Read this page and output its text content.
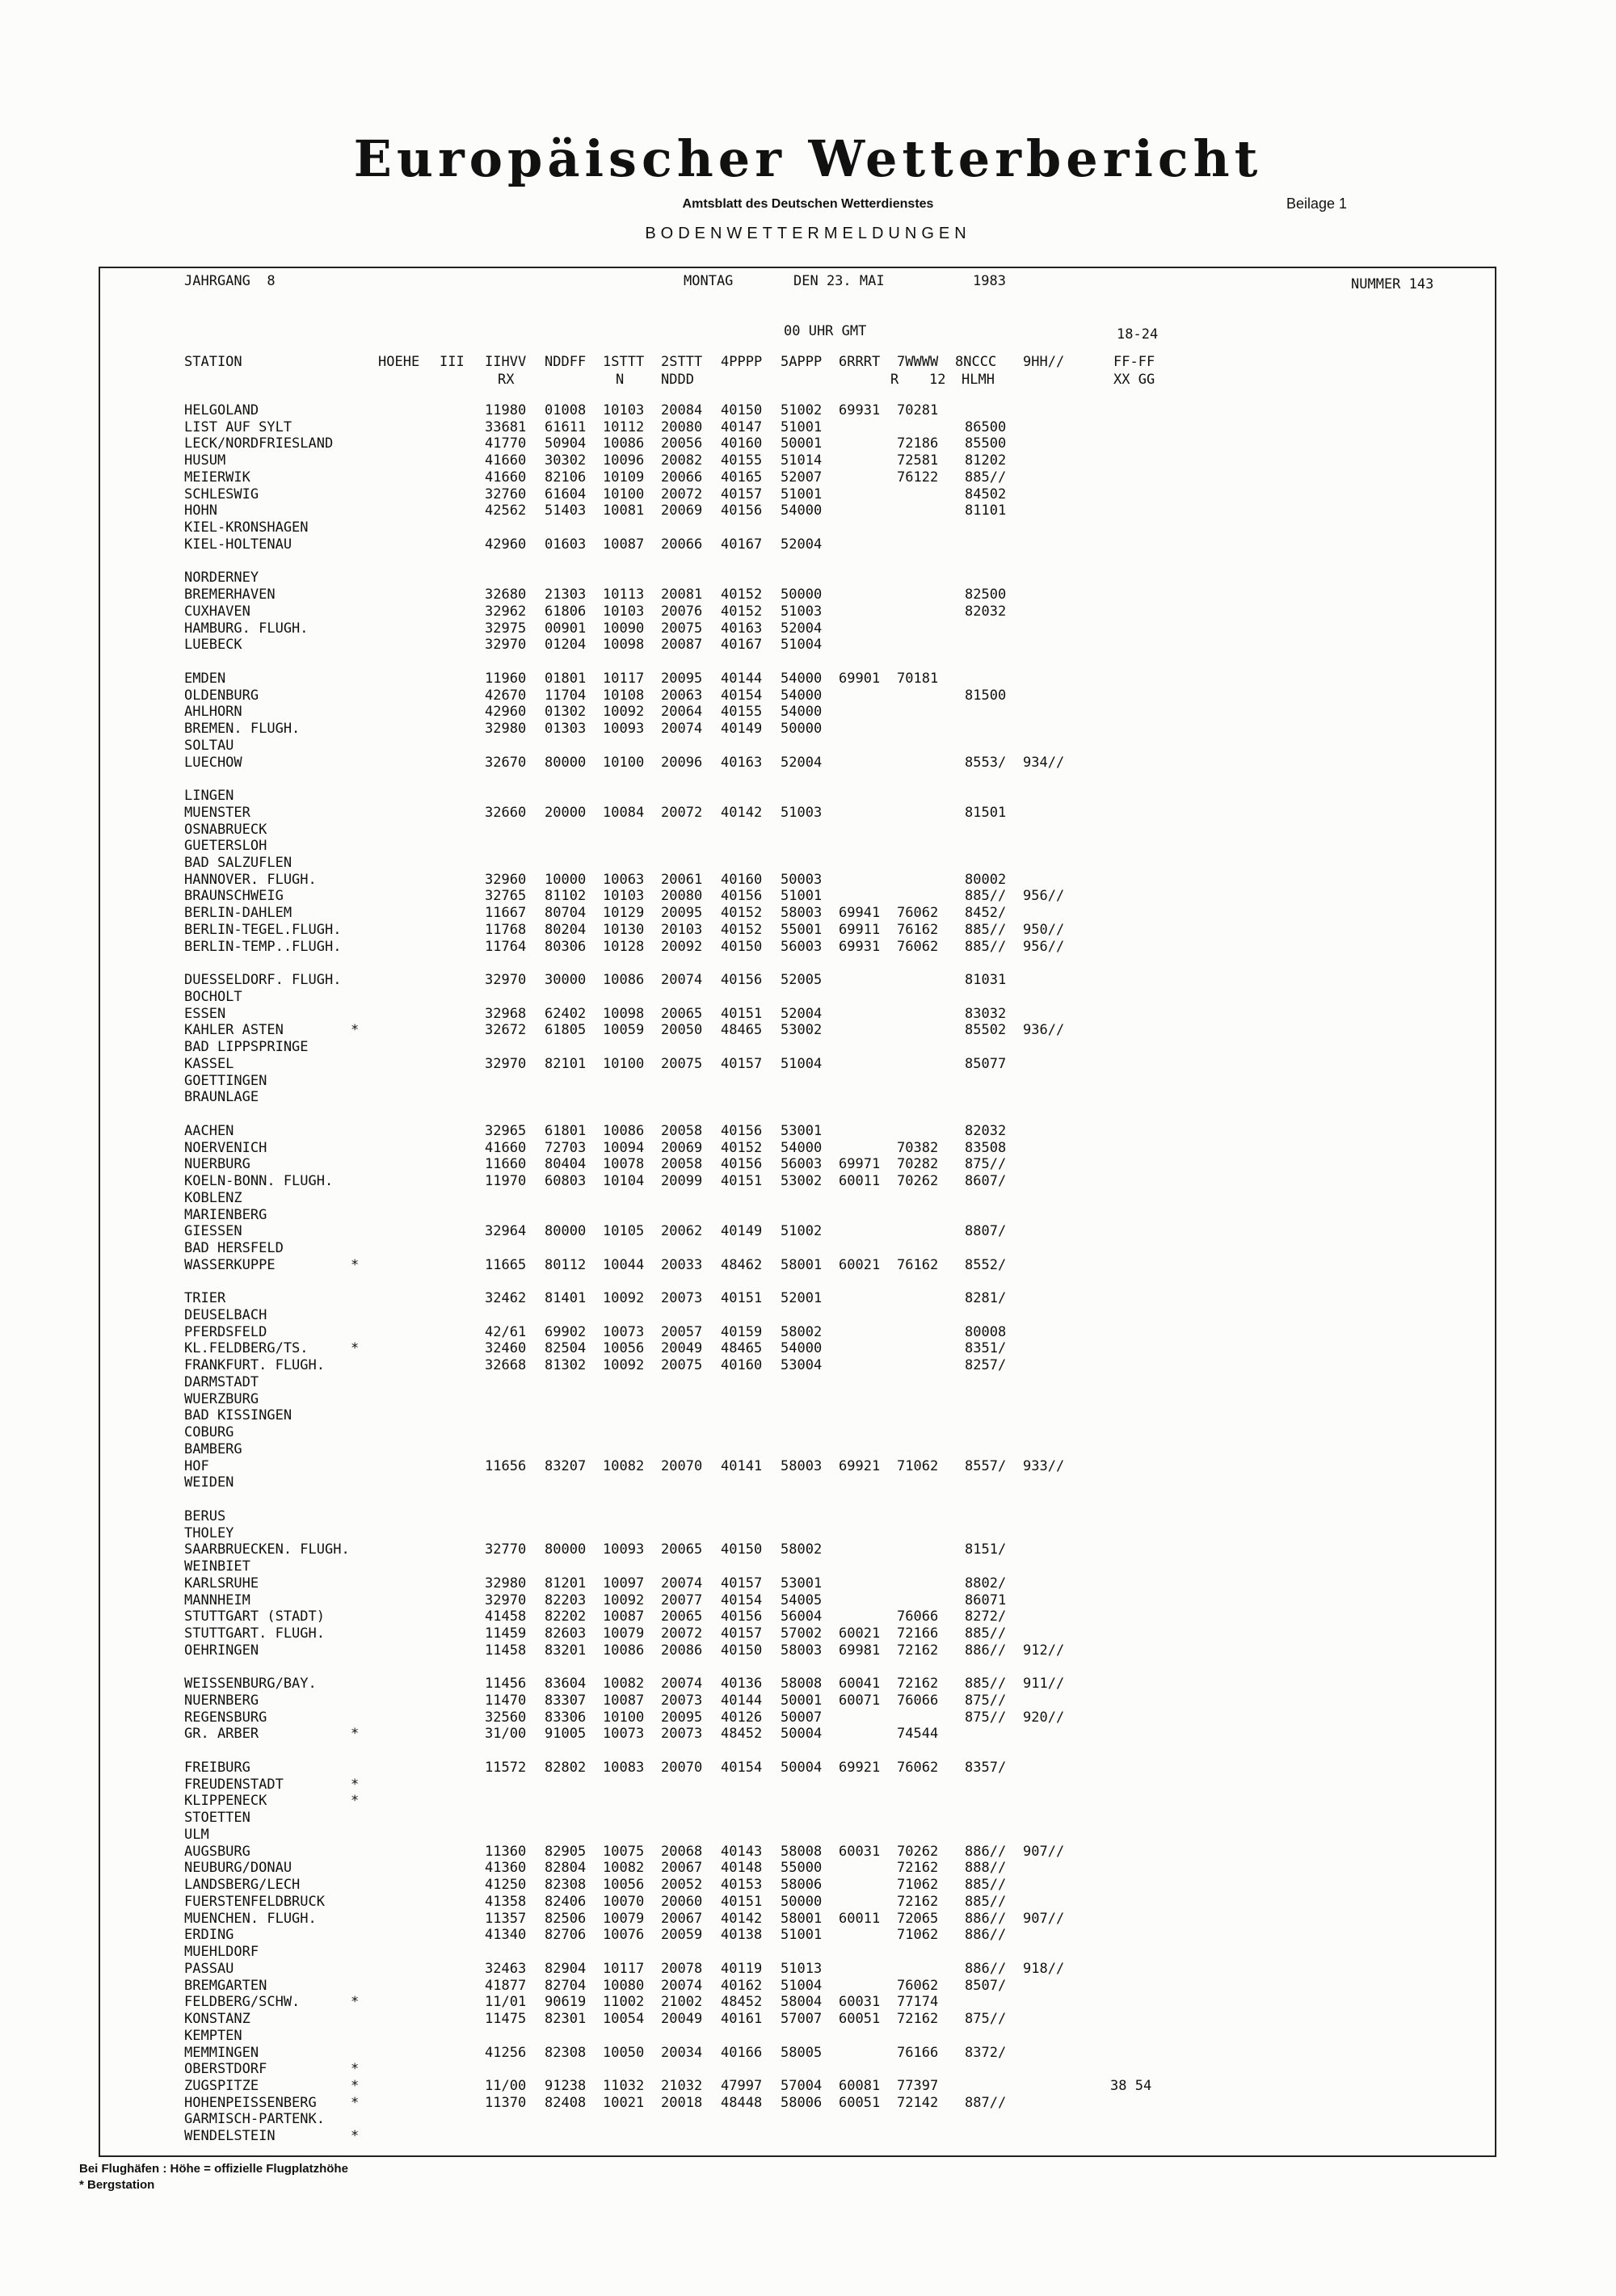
Europäischer Wetterbericht
Amtsblatt des Deutschen Wetterdienstes	Beilage 1
BODENWETTERMELDUNGEN
JAHRGANG  8	MONTAG	DEN 23. MAI	1983	NUMMER 143
00 UHR GMT	18-24
STATION	HOEHE III IIHVV NDDFF 1STTT 2STTT 4PPPP 5APPP 6RRRT 7WWWW 8NCCC 9HH//	FF-FF
RX	N	NDDD	R 12 HLMH	XX GG
HELGOLAND	11980 01008 10103 20084 40150 51002 69931 70281
LIST AUF SYLT	33681 61611 10112 20080 40147 51001	86500
LECK/NORDFRIESLAND	41770 50904 10086 20056 40160 50001	72186 85500
HUSUM	41660 30302 10096 20082 40155 51014	72581 81202
MEIERWIK	41660 82106 10109 20066 40165 52007	76122 885//
SCHLESWIG	32760 61604 10100 20072 40157 51001	84502
HOHN	42562 51403 10081 20069 40156 54000	81101
KIEL-KRONSHAGEN
KIEL-HOLTENAU	42960 01603 10087 20066 40167 52004
NORDERNEY
BREMERHAVEN	32680 21303 10113 20081 40152 50000	82500
CUXHAVEN	32962 61806 10103 20076 40152 51003	82032
HAMBURG. FLUGH.	32975 00901 10090 20075 40163 52004
LUEBECK	32970 01204 10098 20087 40167 51004
EMDEN	11960 01801 10117 20095 40144 54000 69901 70181
OLDENBURG	42670 11704 10108 20063 40154 54000	81500
AHLHORN	42960 01302 10092 20064 40155 54000
BREMEN. FLUGH.	32980 01303 10093 20074 40149 50000
SOLTAU
LUECHOW	32670 80000 10100 20096 40163 52004	8553/ 934//
LINGEN
MUENSTER	32660 20000 10084 20072 40142 51003	81501
OSNABRUECK
GUETERSLOH
BAD SALZUFLEN
HANNOVER. FLUGH.	32960 10000 10063 20061 40160 50003	80002
BRAUNSCHWEIG	32765 81102 10103 20080 40156 51001	885// 956//
BERLIN-DAHLEM	11667 80704 10129 20095 40152 58003 69941 76062 8452/
BERLIN-TEGEL.FLUGH.	11768 80204 10130 20103 40152 55001 69911 76162 885// 950//
BERLIN-TEMP..FLUGH.	11764 80306 10128 20092 40150 56003 69931 76062 885// 956//
DUESSELDORF. FLUGH.	32970 30000 10086 20074 40156 52005	81031
BOCHOLT
ESSEN	32968 62402 10098 20065 40151 52004	83032
KAHLER ASTEN	*	32672 61805 10059 20050 48465 53002	85502 936//
BAD LIPPSPRINGE
KASSEL	32970 82101 10100 20075 40157 51004	85077
GOETTINGEN
BRAUNLAGE
AACHEN	32965 61801 10086 20058 40156 53001	82032
NOERVENICH	41660 72703 10094 20069 40152 54000	70382 83508
NUERBURG	11660 80404 10078 20058 40156 56003 69971 70282 875//
KOELN-BONN. FLUGH.	11970 60803 10104 20099 40151 53002 60011 70262 8607/
KOBLENZ
MARIENBERG
GIESSEN	32964 80000 10105 20062 40149 51002	8807/
BAD HERSFELD
WASSERKUPPE	*	11665 80112 10044 20033 48462 58001 60021 76162 8552/
TRIER	32462 81401 10092 20073 40151 52001	8281/
DEUSELBACH
PFERDSFELD	42/61 69902 10073 20057 40159 58002	80008
KL.FELDBERG/TS.	*	32460 82504 10056 20049 48465 54000	8351/
FRANKFURT. FLUGH.	32668 81302 10092 20075 40160 53004	8257/
DARMSTADT
WUERZBURG
BAD KISSINGEN
COBURG
BAMBERG
HOF	11656 83207 10082 20070 40141 58003 69921 71062 8557/ 933//
WEIDEN
BERUS
THOLEY
SAARBRUECKEN. FLUGH.	32770 80000 10093 20065 40150 58002	8151/
WEINBIET
KARLSRUHE	32980 81201 10097 20074 40157 53001	8802/
MANNHEIM	32970 82203 10092 20077 40154 54005	86071
STUTTGART (STADT)	41458 82202 10087 20065 40156 56004	76066 8272/
STUTTGART. FLUGH.	11459 82603 10079 20072 40157 57002 60021 72166 885//
OEHRINGEN	11458 83201 10086 20086 40150 58003 69981 72162 886// 912//
WEISSENBURG/BAY.	11456 83604 10082 20074 40136 58008 60041 72162 885// 911//
NUERNBERG	11470 83307 10087 20073 40144 50001 60071 76066 875//
REGENSBURG	32560 83306 10100 20095 40126 50007	875// 920//
GR. ARBER	*	31/00 91005 10073 20073 48452 50004	74544
FREIBURG	11572 82802 10083 20070 40154 50004 69921 76062 8357/
FREUDENSTADT	*
KLIPPENECK	*
STOETTEN
ULM
AUGSBURG	11360 82905 10075 20068 40143 58008 60031 70262 886// 907//
NEUBURG/DONAU	41360 82804 10082 20067 40148 55000	72162 888//
LANDSBERG/LECH	41250 82308 10056 20052 40153 58006	71062 885//
FUERSTENFELDBRUCK	41358 82406 10070 20060 40151 50000	72162 885//
MUENCHEN. FLUGH.	11357 82506 10079 20067 40142 58001 60011 72065 886// 907//
ERDING	41340 82706 10076 20059 40138 51001	71062 886//
MUEHLDORF
PASSAU	32463 82904 10117 20078 40119 51013	886// 918//
BREMGARTEN	41877 82704 10080 20074 40162 51004	76062 8507/
FELDBERG/SCHW.	*	11/01 90619 11002 21002 48452 58004 60031 77174
KONSTANZ	11475 82301 10054 20049 40161 57007 60051 72162 875//
KEMPTEN
MEMMINGEN	41256 82308 10050 20034 40166 58005	76166 8372/
OBERSTDORF	*
ZUGSPITZE	*	11/00 91238 11032 21032 47997 57004 60081 77397	38 54
HOHENPEISSENBERG *	11370 82408 10021 20018 48448 58006 60051 72142 887//
GARMISCH-PARTENK.
WENDELSTEIN	*
Bei Flughäfen : Höhe = offizielle Flugplatzhöhe
* Bergstation
